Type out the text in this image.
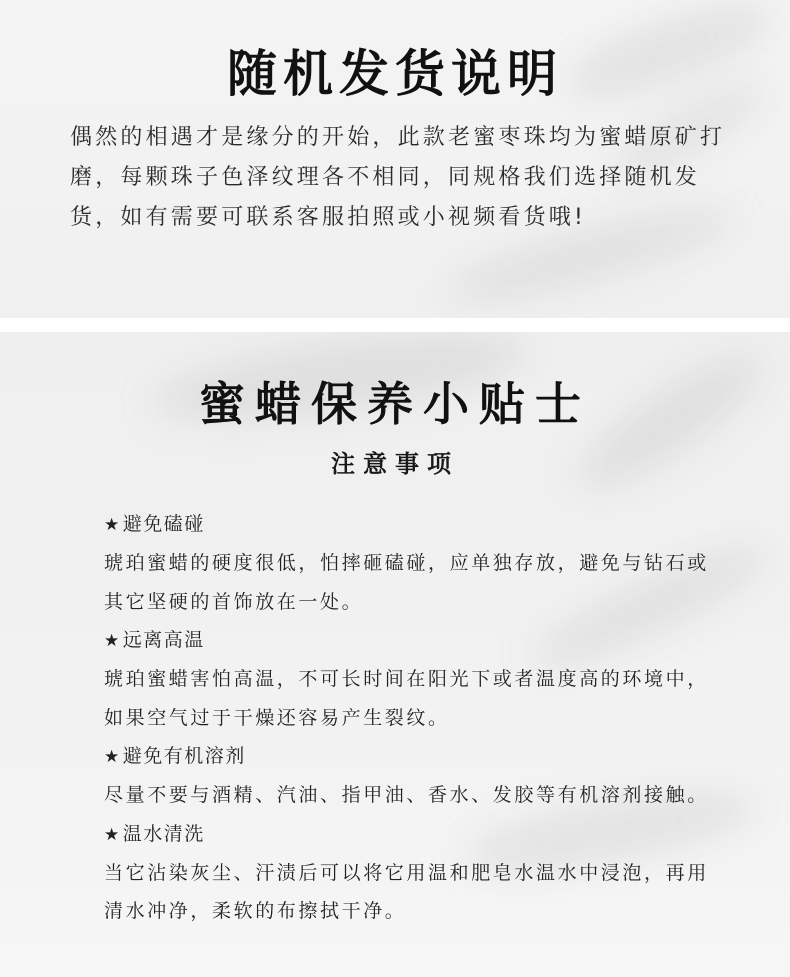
随机发货说明

偶然的相遇才是缘分的开始，此款老蜜枣珠均为蜜蜡原矿打磨，每颗珠子色泽纹理各不相同，同规格我们选择随机发货，如有需要可联系客服拍照或小视频看货哦!

蜜蜡保养小贴士
注意事项

★ 避免磕碰

琥珀蜜蜡的硬度很低，怕摔砸磕碰，应单独存放，避免与钻石或其它坚硬的首饰放在一处。

★ 远离高温

琥珀蜜蜡害怕高温，不可长时间在阳光下或者温度高的环境中，如果空气过于干燥还容易产生裂纹。

★ 避免有机溶剂

尽量不要与酒精、汽油、指甲油、香水、发胶等有机溶剂接触。

★ 温水清洗

当它沾染灰尘、汗渍后可以将它用温和肥皂水温水中浸泡，再用清水冲净，柔软的布擦拭干净。
